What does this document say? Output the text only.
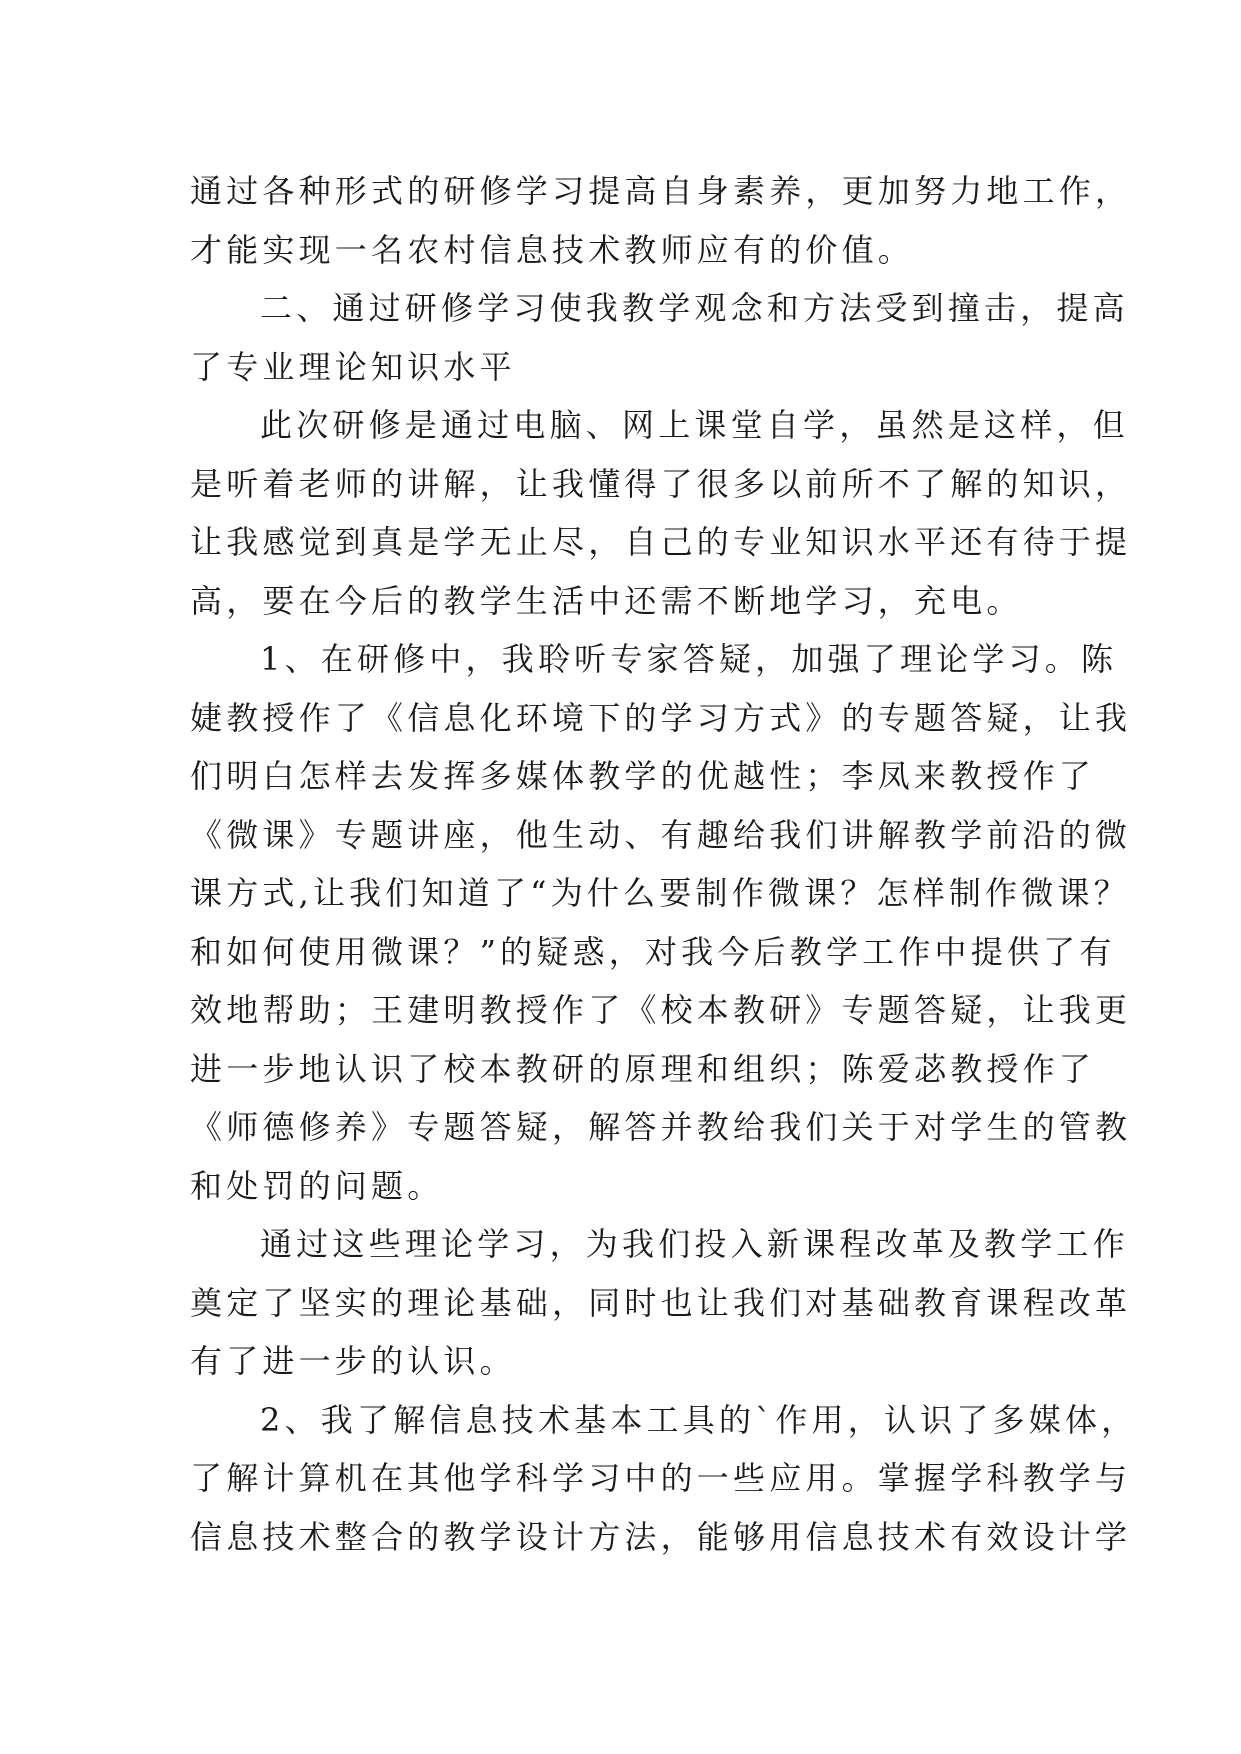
通过各种形式的研修学习提高自身素养，更加努力地工作，
才能实现一名农村信息技术教师应有的价值。
二、通过研修学习使我教学观念和方法受到撞击，提高
了专业理论知识水平
此次研修是通过电脑、网上课堂自学，虽然是这样，但
是听着老师的讲解，让我懂得了很多以前所不了解的知识，
让我感觉到真是学无止尽，自己的专业知识水平还有待于提
高，要在今后的教学生活中还需不断地学习，充电。
1、在研修中，我聆听专家答疑，加强了理论学习。陈
婕教授作了《信息化环境下的学习方式》的专题答疑，让我
们明白怎样去发挥多媒体教学的优越性；李凤来教授作了
《微课》专题讲座，他生动、有趣给我们讲解教学前沿的微
课方式,让我们知道了“为什么要制作微课？怎样制作微课？
和如何使用微课？”的疑惑，对我今后教学工作中提供了有
效地帮助；王建明教授作了《校本教研》专题答疑，让我更
进一步地认识了校本教研的原理和组织；陈爱苾教授作了
《师德修养》专题答疑，解答并教给我们关于对学生的管教
和处罚的问题。
通过这些理论学习，为我们投入新课程改革及教学工作
奠定了坚实的理论基础，同时也让我们对基础教育课程改革
有了进一步的认识。
2、我了解信息技术基本工具的`作用，认识了多媒体，
了解计算机在其他学科学习中的一些应用。掌握学科教学与
信息技术整合的教学设计方法，能够用信息技术有效设计学
